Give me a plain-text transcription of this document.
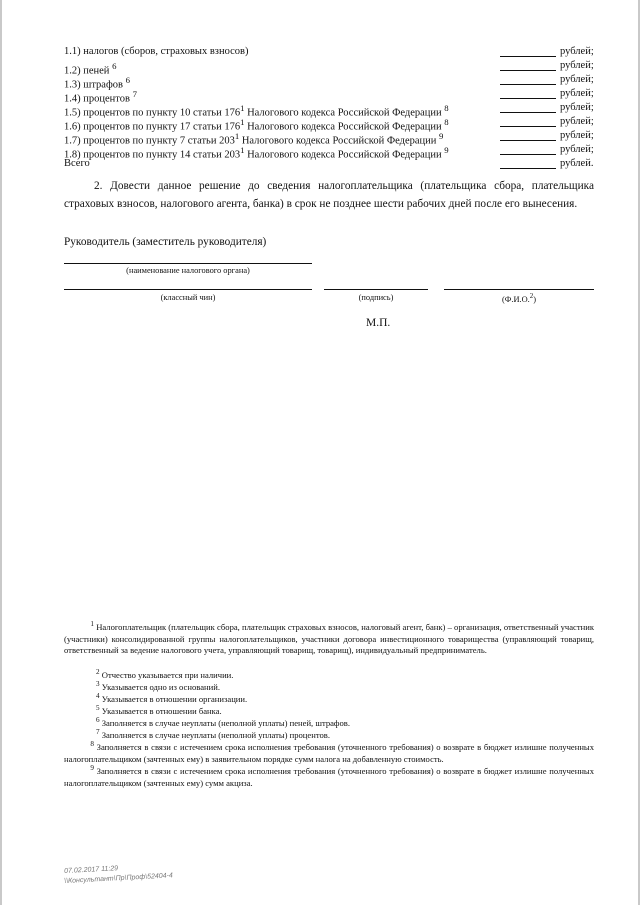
1.1) налогов (сборов, страховых взносов)	рублей;
1.2) пеней $^6$	рублей;
1.3) штрафов $^6$	рублей;
1.4) процентов $^7$	рублей;
1.5) процентов по пункту 10 статьи $176^1$ Налогового кодекса Российской Федерации $^8$	рублей;
1.6) процентов по пункту 17 статьи $176^1$ Налогового кодекса Российской Федерации $^8$	рублей;
1.7) процентов по пункту 7 статьи $203^1$ Налогового кодекса Российской Федерации $^9$	рублей;
1.8) процентов по пункту 14 статьи $203^1$ Налогового кодекса Российской Федерации $^9$	рублей;
Всего	рублей.
2. Довести данное решение до сведения налогоплательщика (плательщика сбора, плательщика страховых взносов, налогового агента, банка) в срок не позднее шести рабочих дней после его вынесения.
Руководитель (заместитель руководителя)
(наименование налогового органа)
(классный чин)	(подпись)	(Ф.И.О.$^2$)
М.П.
$^1$ Налогоплательщик (плательщик сбора, плательщик страховых взносов, налоговый агент, банк) – организация, ответственный участник (участники) консолидированной группы налогоплательщиков, участники договора инвестиционного товарищества (управляющий товарищ, ответственный за ведение налогового учета, управляющий товарищ, товарищ), индивидуальный предприниматель.
$^2$ Отчество указывается при наличии.
$^3$ Указывается одно из оснований.
$^4$ Указывается в отношении организации.
$^5$ Указывается в отношении банка.
$^6$ Заполняется в случае неуплаты (неполной уплаты) пеней, штрафов.
$^7$ Заполняется в случае неуплаты (неполной уплаты) процентов.
$^8$ Заполняется в связи с истечением срока исполнения требования (уточненного требования) о возврате в бюджет излишне полученных налогоплательщиком (зачтенных ему) в заявительном порядке сумм налога на добавленную стоимость.
$^9$ Заполняется в связи с истечением срока исполнения требования (уточненного требования) о возврате в бюджет излишне полученных налогоплательщиком (зачтенных ему) сумм акциза.
07.02.2017 11:29
\\Консультант\Пр\Проф\52404-4
